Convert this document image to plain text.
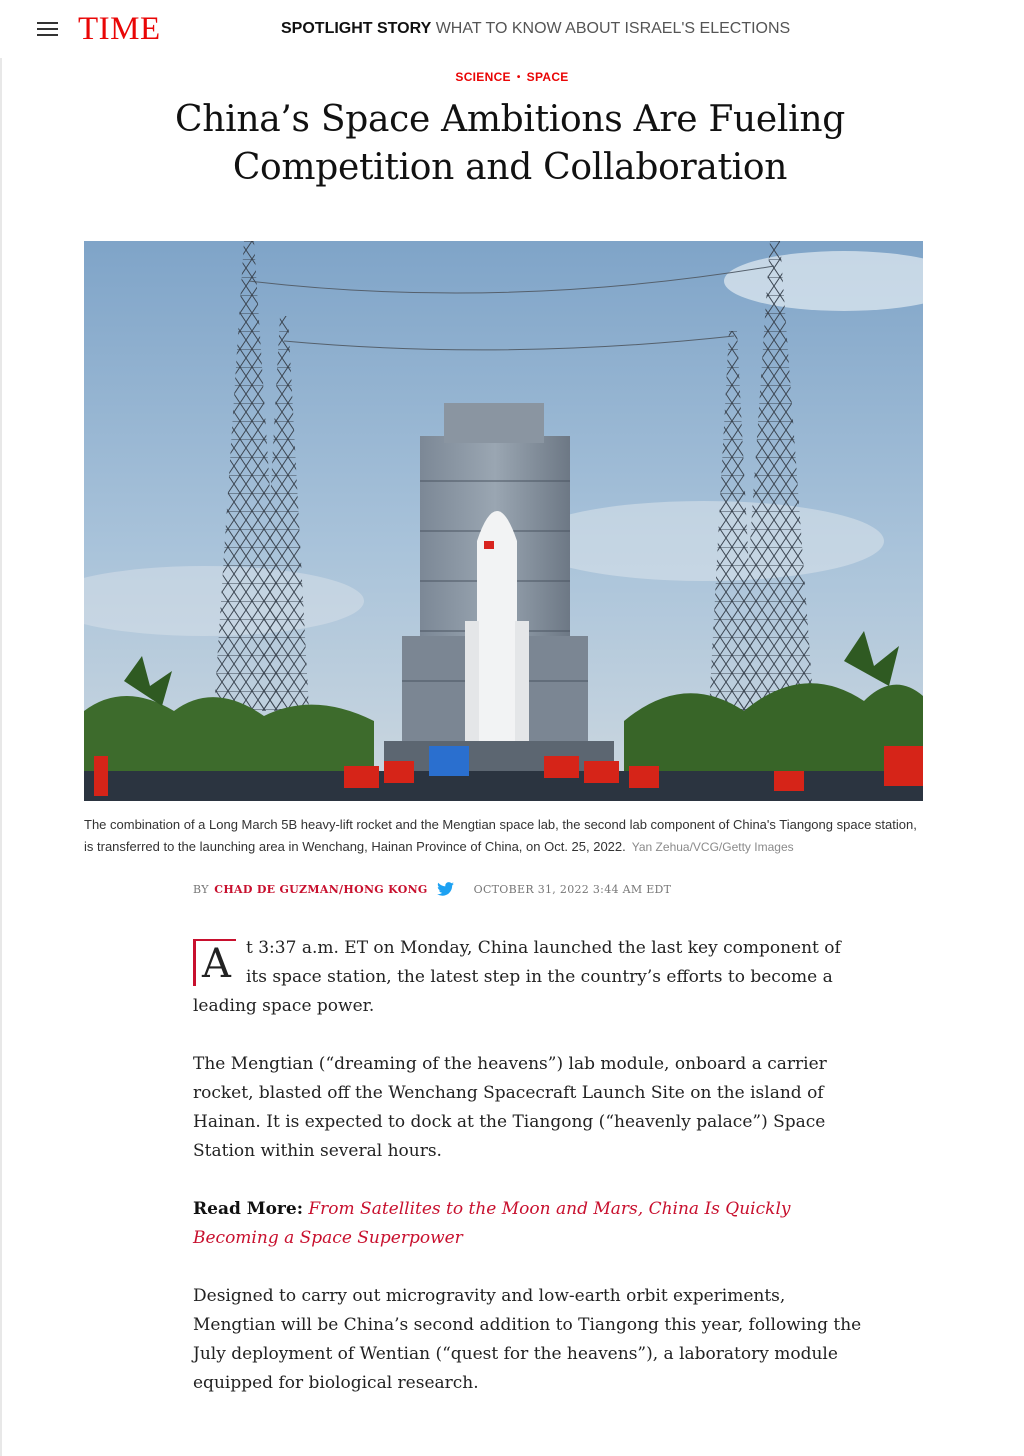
TIME	SPOTLIGHT STORY WHAT TO KNOW ABOUT ISRAEL'S ELECTIONS
SCIENCE • SPACE
China’s Space Ambitions Are Fueling Competition and Collaboration
The combination of a Long March 5B heavy-lift rocket and the Mengtian space lab, the second lab component of China's Tiangong space station, is transferred to the launching area in Wenchang, Hainan Province of China, on Oct. 25, 2022. Yan Zehua/VCG/Getty Images
BY CHAD DE GUZMAN/HONG KONG	OCTOBER 31, 2022 3:44 AM EDT

A t 3:37 a.m. ET on Monday, China launched the last key component of its space station, the latest step in the country’s efforts to become a leading space power.

The Mengtian (“dreaming of the heavens”) lab module, onboard a carrier rocket, blasted off the Wenchang Spacecraft Launch Site on the island of Hainan. It is expected to dock at the Tiangong (“heavenly palace”) Space Station within several hours.

Read More: From Satellites to the Moon and Mars, China Is Quickly Becoming a Space Superpower

Designed to carry out microgravity and low-earth orbit experiments, Mengtian will be China’s second addition to Tiangong this year, following the July deployment of Wentian (“quest for the heavens”), a laboratory module equipped for biological research.
